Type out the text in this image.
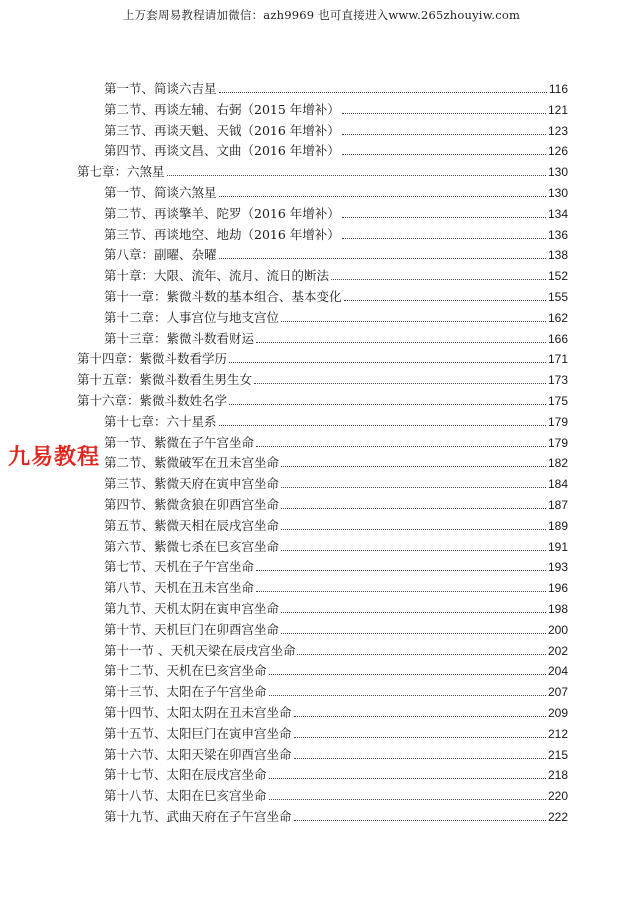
上万套周易教程请加微信：azh9969 也可直接进入www.265zhouyiw.com
第一节、简谈六吉星	116
第二节、再谈左辅、右弼（2015 年增补）	121
第三节、再谈天魁、天钺（2016 年增补）	123
第四节、再谈文昌、文曲（2016 年增补）	126
第七章：六煞星	130
第一节、简谈六煞星	130
第二节、再谈擎羊、陀罗（2016 年增补）	134
第三节、再谈地空、地劫（2016 年增补）	136
第八章：副曜、杂曜	138
第十章：大限、流年、流月、流日的断法	152
第十一章：紫微斗数的基本组合、基本变化	155
第十二章：人事宫位与地支宫位	162
第十三章：紫微斗数看财运	166
第十四章：紫微斗数看学历	171
第十五章：紫微斗数看生男生女	173
第十六章：紫微斗数姓名学	175
第十七章：六十星系	179
第一节、紫微在子午宫坐命	179
第二节、紫微破军在丑未宫坐命	182
第三节、紫微天府在寅申宫坐命	184
第四节、紫微贪狼在卯酉宫坐命	187
第五节、紫微天相在辰戌宫坐命	189
第六节、紫微七杀在巳亥宫坐命	191
第七节、天机在子午宫坐命	193
第八节、天机在丑未宫坐命	196
第九节、天机太阴在寅申宫坐命	198
第十节、天机巨门在卯酉宫坐命	200
第十一节 、天机天梁在辰戌宫坐命	202
第十二节、天机在巳亥宫坐命	204
第十三节、太阳在子午宫坐命	207
第十四节、太阳太阴在丑未宫坐命	209
第十五节、太阳巨门在寅申宫坐命	212
第十六节、太阳天梁在卯酉宫坐命	215
第十七节、太阳在辰戌宫坐命	218
第十八节、太阳在巳亥宫坐命	220
第十九节、武曲天府在子午宫坐命	222
九易教程
